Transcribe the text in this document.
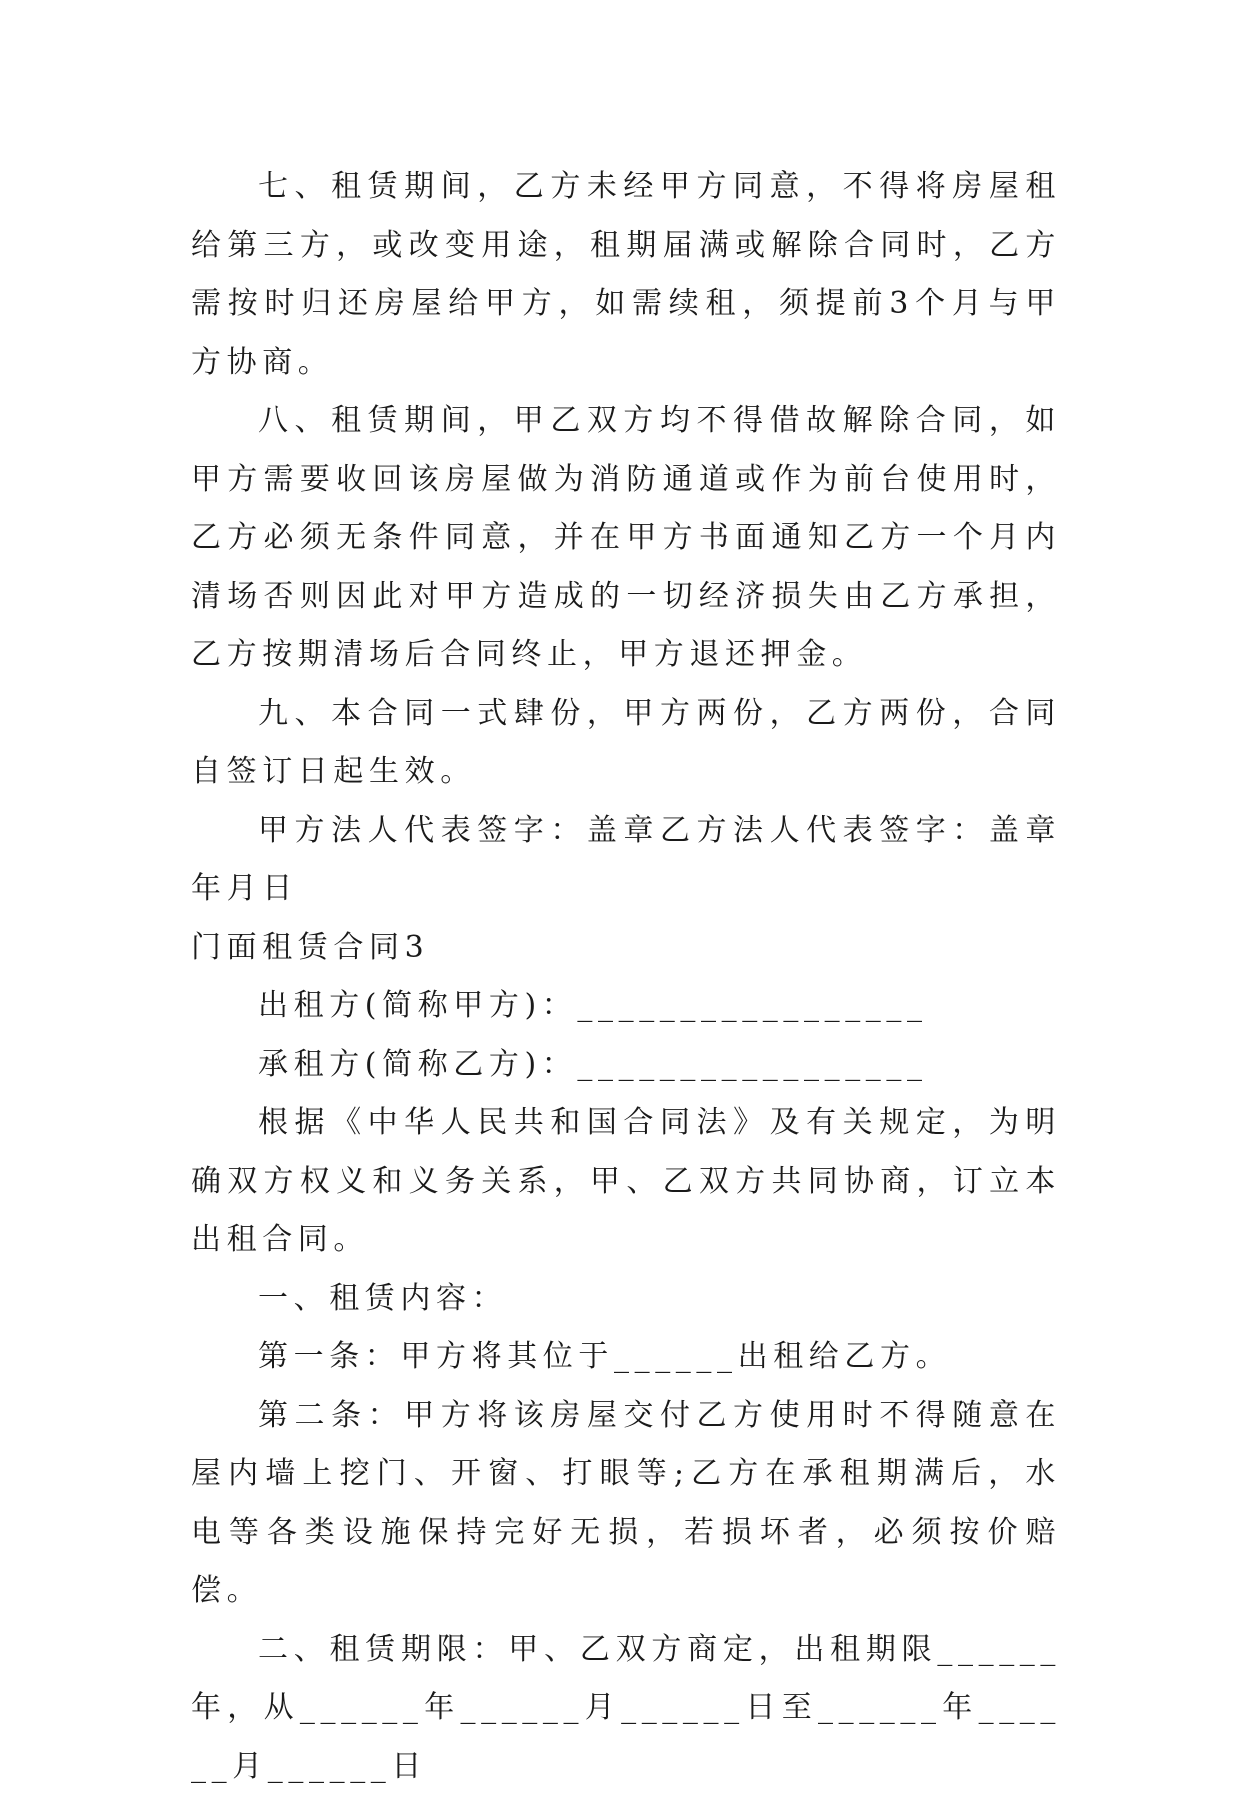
七、租赁期间，乙方未经甲方同意，不得将房屋租给第三方，或改变用途，租期届满或解除合同时，乙方需按时归还房屋给甲方，如需续租，须提前3个月与甲方协商。

八、租赁期间，甲乙双方均不得借故解除合同，如甲方需要收回该房屋做为消防通道或作为前台使用时，乙方必须无条件同意，并在甲方书面通知乙方一个月内清场否则因此对甲方造成的一切经济损失由乙方承担，乙方按期清场后合同终止，甲方退还押金。

九、本合同一式肆份，甲方两份，乙方两份，合同自签订日起生效。

甲方法人代表签字：盖章乙方法人代表签字：盖章年月日

门面租赁合同3

出租方(简称甲方)：_________________

承租方(简称乙方)：_________________

根据《中华人民共和国合同法》及有关规定，为明确双方权义和义务关系，甲、乙双方共同协商，订立本出租合同。

一、租赁内容：

第一条：甲方将其位于______出租给乙方。

第二条：甲方将该房屋交付乙方使用时不得随意在屋内墙上挖门、开窗、打眼等;乙方在承租期满后，水电等各类设施保持完好无损，若损坏者，必须按价赔偿。

二、租赁期限：甲、乙双方商定，出租期限______年，从______年______月______日至______年______月______日
